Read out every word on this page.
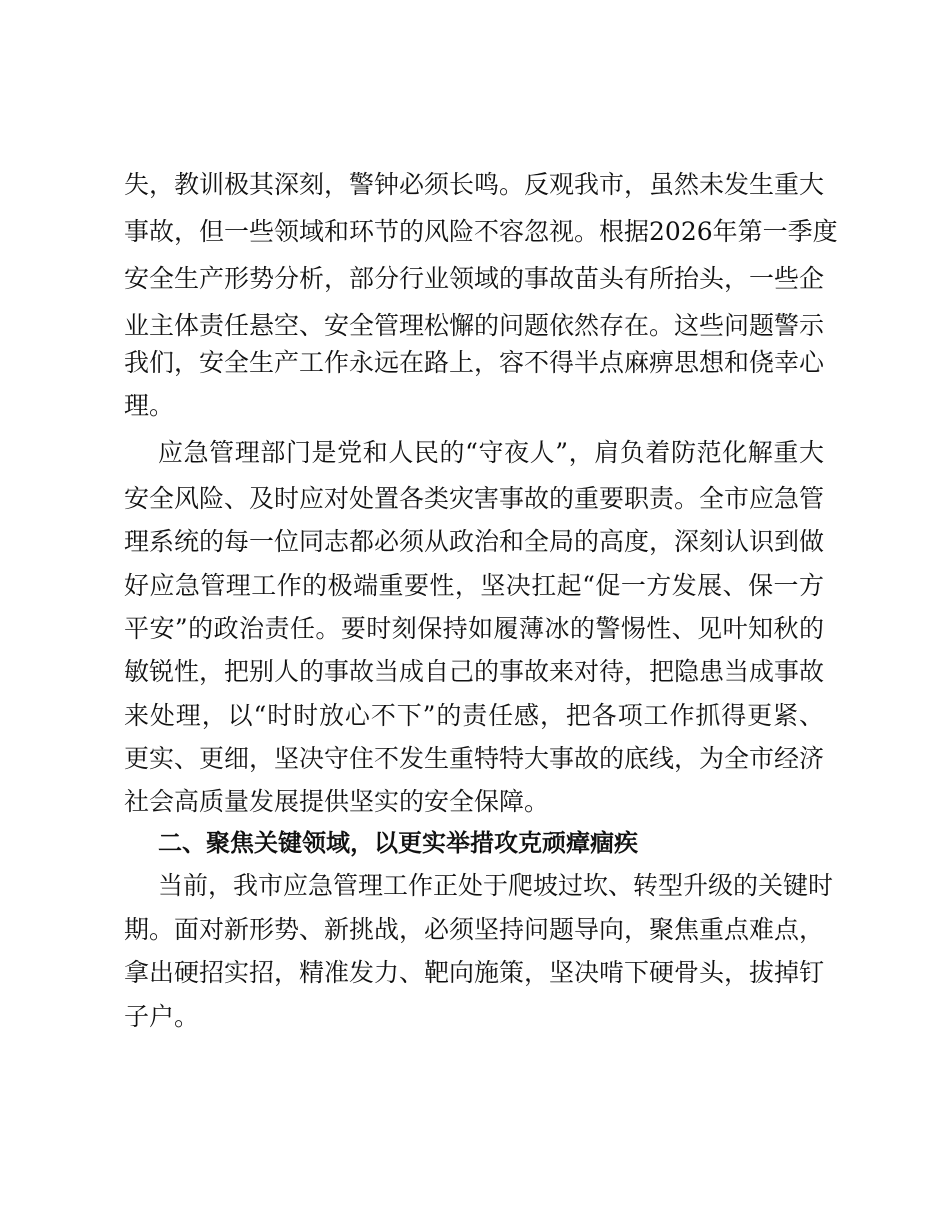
失，教训极其深刻，警钟必须长鸣。反观我市，虽然未发生重大
事故，但一些领域和环节的风险不容忽视。根据2026年第一季度
安全生产形势分析，部分行业领域的事故苗头有所抬头，一些企
业主体责任悬空、安全管理松懈的问题依然存在。这些问题警示
我们，安全生产工作永远在路上，容不得半点麻痹思想和侥幸心
理。
应急管理部门是党和人民的“守夜人”，肩负着防范化解重大
安全风险、及时应对处置各类灾害事故的重要职责。全市应急管
理系统的每一位同志都必须从政治和全局的高度，深刻认识到做
好应急管理工作的极端重要性，坚决扛起“促一方发展、保一方
平安”的政治责任。要时刻保持如履薄冰的警惕性、见叶知秋的
敏锐性，把别人的事故当成自己的事故来对待，把隐患当成事故
来处理，以“时时放心不下”的责任感，把各项工作抓得更紧、
更实、更细，坚决守住不发生重特特大事故的底线，为全市经济
社会高质量发展提供坚实的安全保障。
二、聚焦关键领域，以更实举措攻克顽瘴痼疾
当前，我市应急管理工作正处于爬坡过坎、转型升级的关键时
期。面对新形势、新挑战，必须坚持问题导向，聚焦重点难点，
拿出硬招实招，精准发力、靶向施策，坚决啃下硬骨头，拔掉钉
子户。
